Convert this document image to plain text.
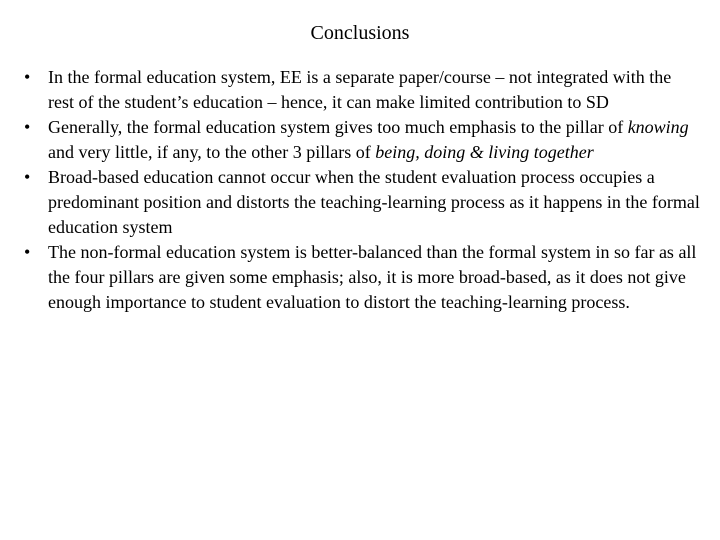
Conclusions
• In the formal education system, EE is a separate paper/course – not integrated with the rest of the student’s education – hence, it can make limited contribution to SD
• Generally, the formal education system gives too much emphasis to the pillar of knowing and very little, if any, to the other 3 pillars of being, doing & living together
• Broad-based education cannot occur when the student evaluation process occupies a predominant position and distorts the teaching-learning process as it happens in the formal education system
• The non-formal education system is better-balanced than the formal system in so far as all the four pillars are given some emphasis; also, it is more broad-based, as it does not give enough importance to student evaluation to distort the teaching-learning process.
